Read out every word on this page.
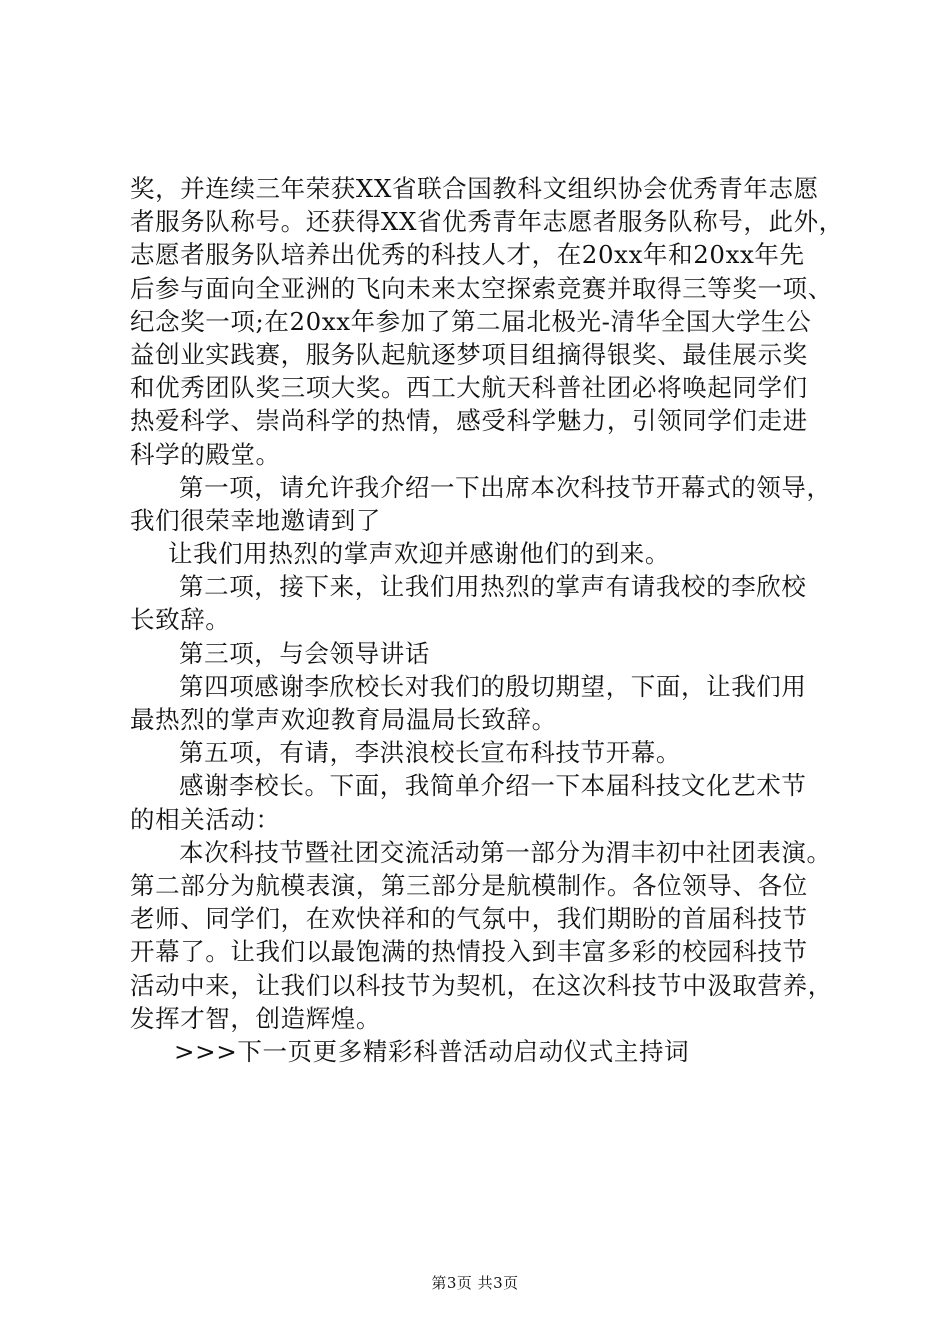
奖，并连续三年荣获XX省联合国教科文组织协会优秀青年志愿
者服务队称号。还获得XX省优秀青年志愿者服务队称号，此外，
志愿者服务队培养出优秀的科技人才，在20xx年和20xx年先
后参与面向全亚洲的飞向未来太空探索竞赛并取得三等奖一项、
纪念奖一项;在20xx年参加了第二届北极光-清华全国大学生公
益创业实践赛，服务队起航逐梦项目组摘得银奖、最佳展示奖
和优秀团队奖三项大奖。西工大航天科普社团必将唤起同学们
热爱科学、崇尚科学的热情，感受科学魅力，引领同学们走进
科学的殿堂。
第一项，请允许我介绍一下出席本次科技节开幕式的领导，
我们很荣幸地邀请到了
让我们用热烈的掌声欢迎并感谢他们的到来。
第二项，接下来，让我们用热烈的掌声有请我校的李欣校
长致辞。
第三项，与会领导讲话
第四项感谢李欣校长对我们的殷切期望，下面，让我们用
最热烈的掌声欢迎教育局温局长致辞。
第五项，有请，李洪浪校长宣布科技节开幕。
感谢李校长。下面，我简单介绍一下本届科技文化艺术节
的相关活动：
本次科技节暨社团交流活动第一部分为渭丰初中社团表演。
第二部分为航模表演，第三部分是航模制作。各位领导、各位
老师、同学们，在欢快祥和的气氛中，我们期盼的首届科技节
开幕了。让我们以最饱满的热情投入到丰富多彩的校园科技节
活动中来，让我们以科技节为契机，在这次科技节中汲取营养，
发挥才智，创造辉煌。
>>>下一页更多精彩科普活动启动仪式主持词
第3页 共3页
